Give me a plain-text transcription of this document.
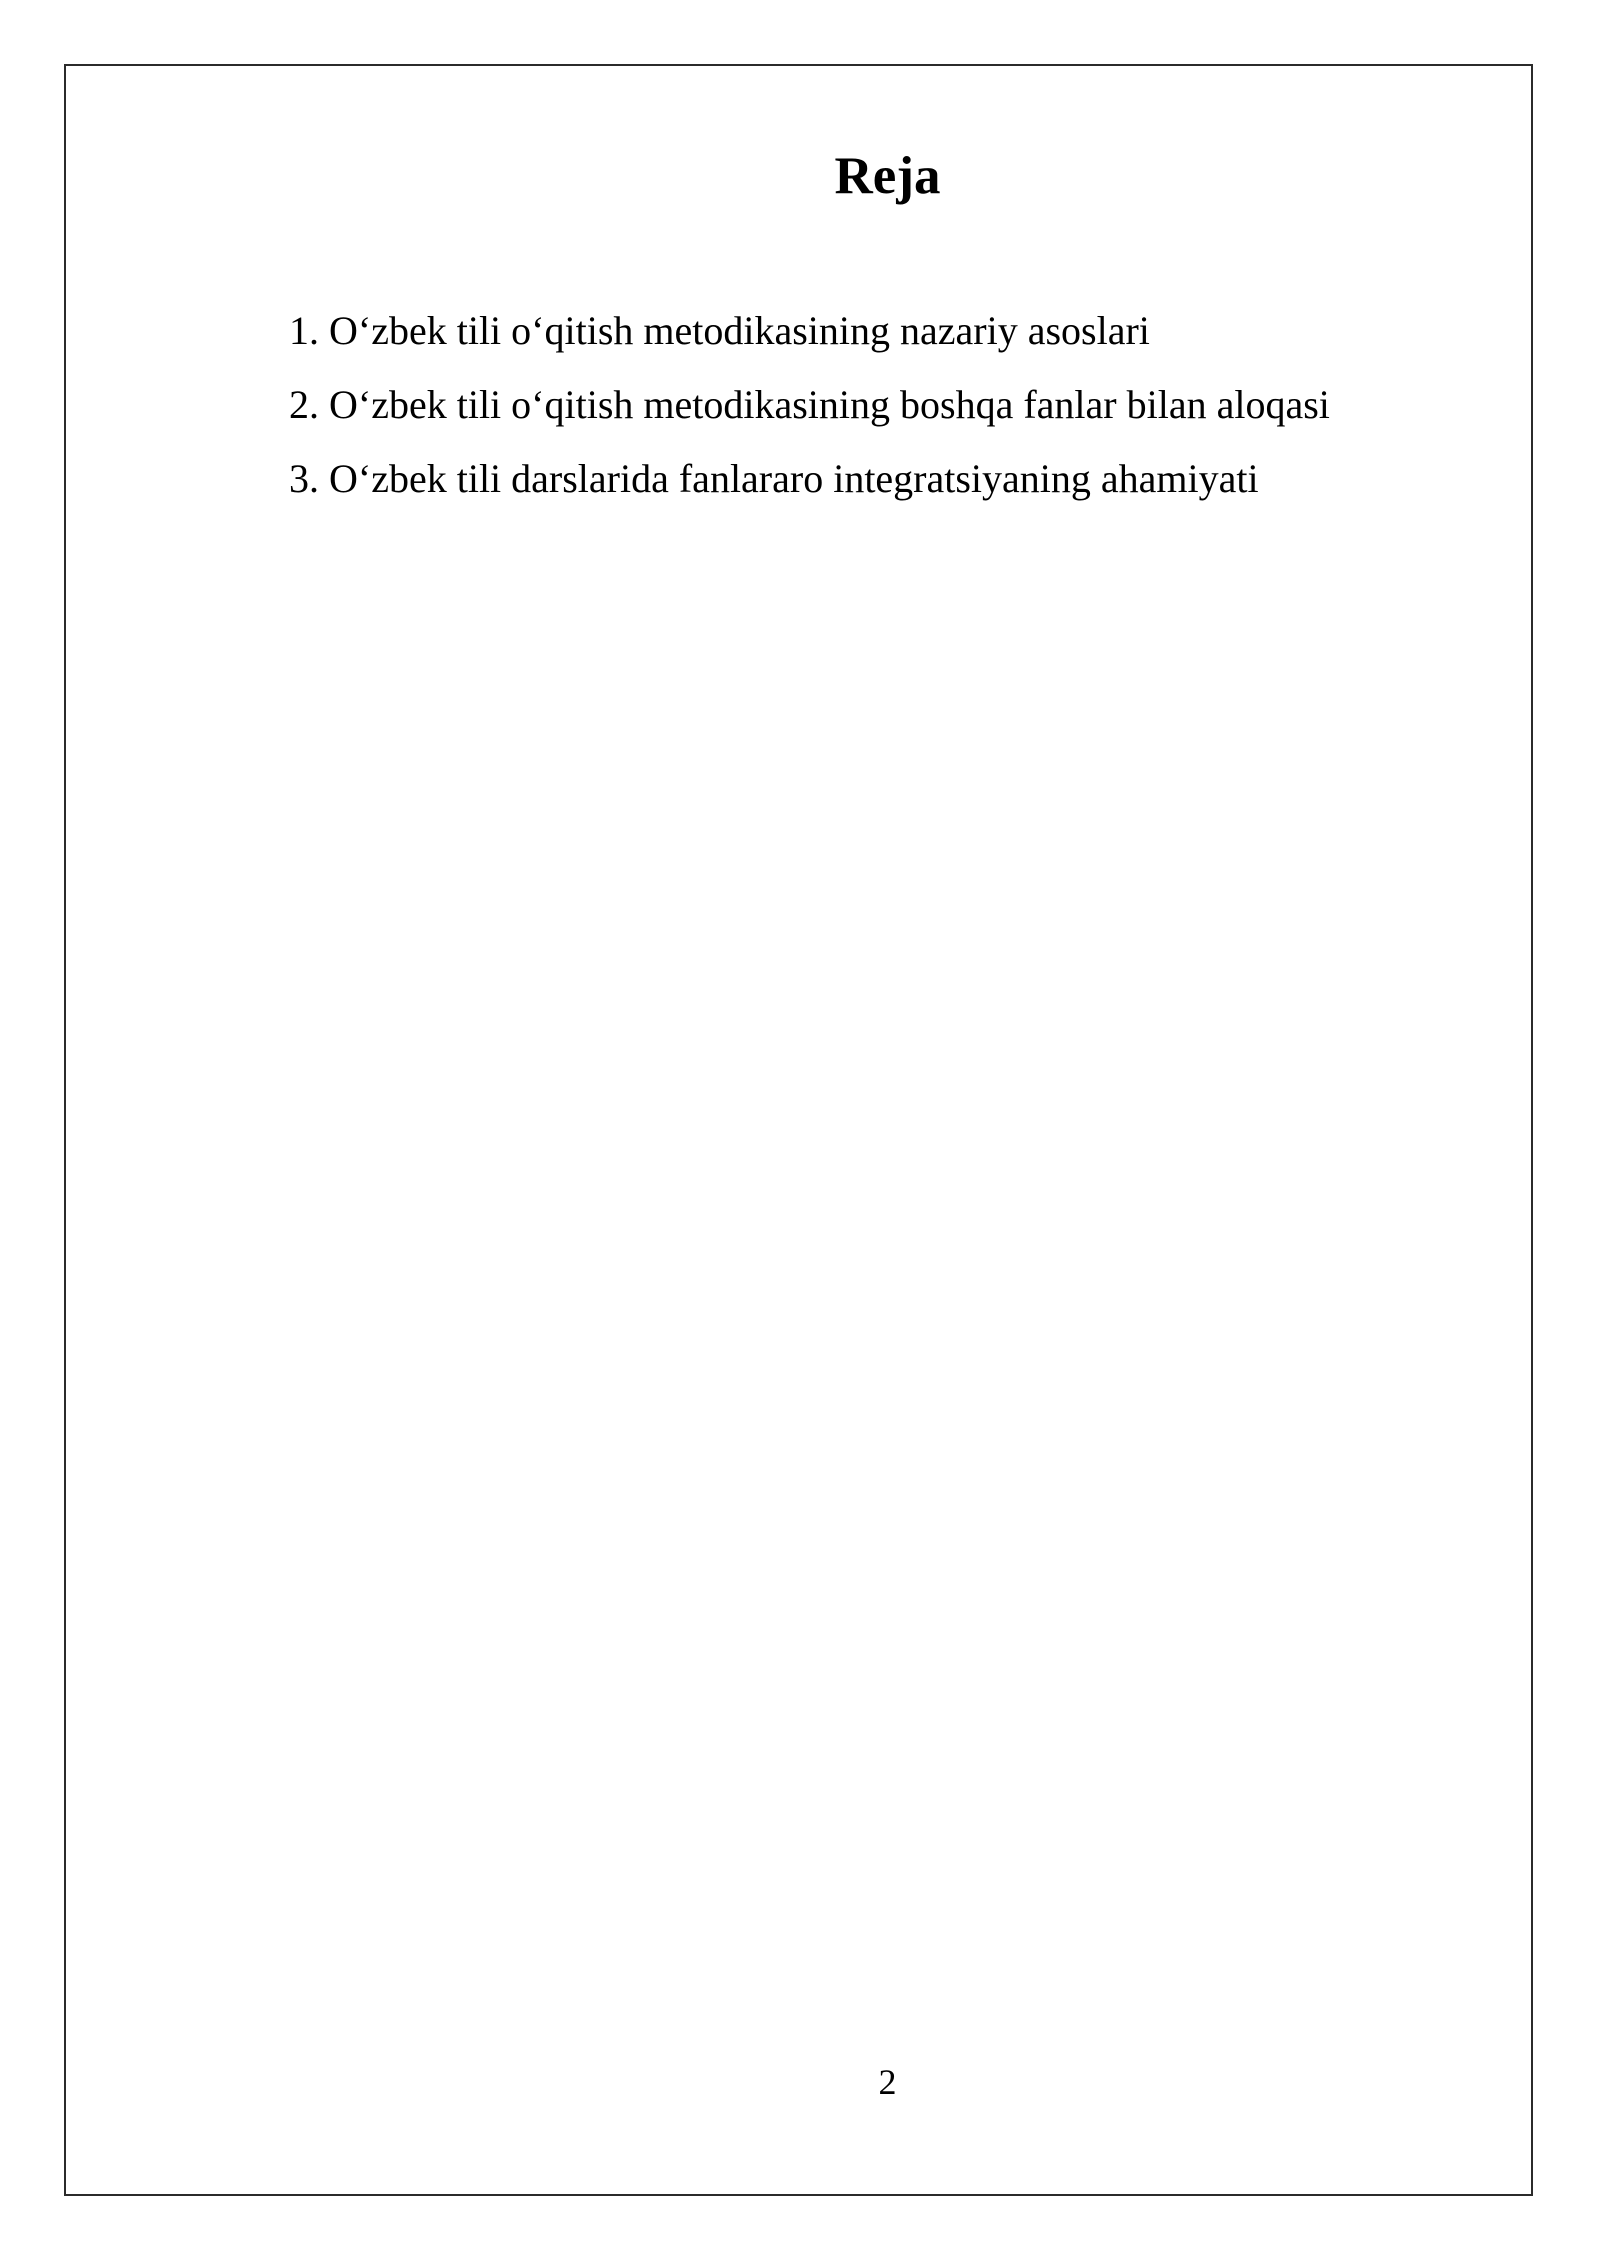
Reja
1. O‘zbek tili o‘qitish metodikasining nazariy asoslari
2. O‘zbek tili o‘qitish metodikasining boshqa fanlar bilan aloqasi
3. O‘zbek tili darslarida fanlararo integratsiyaning ahamiyati
2
